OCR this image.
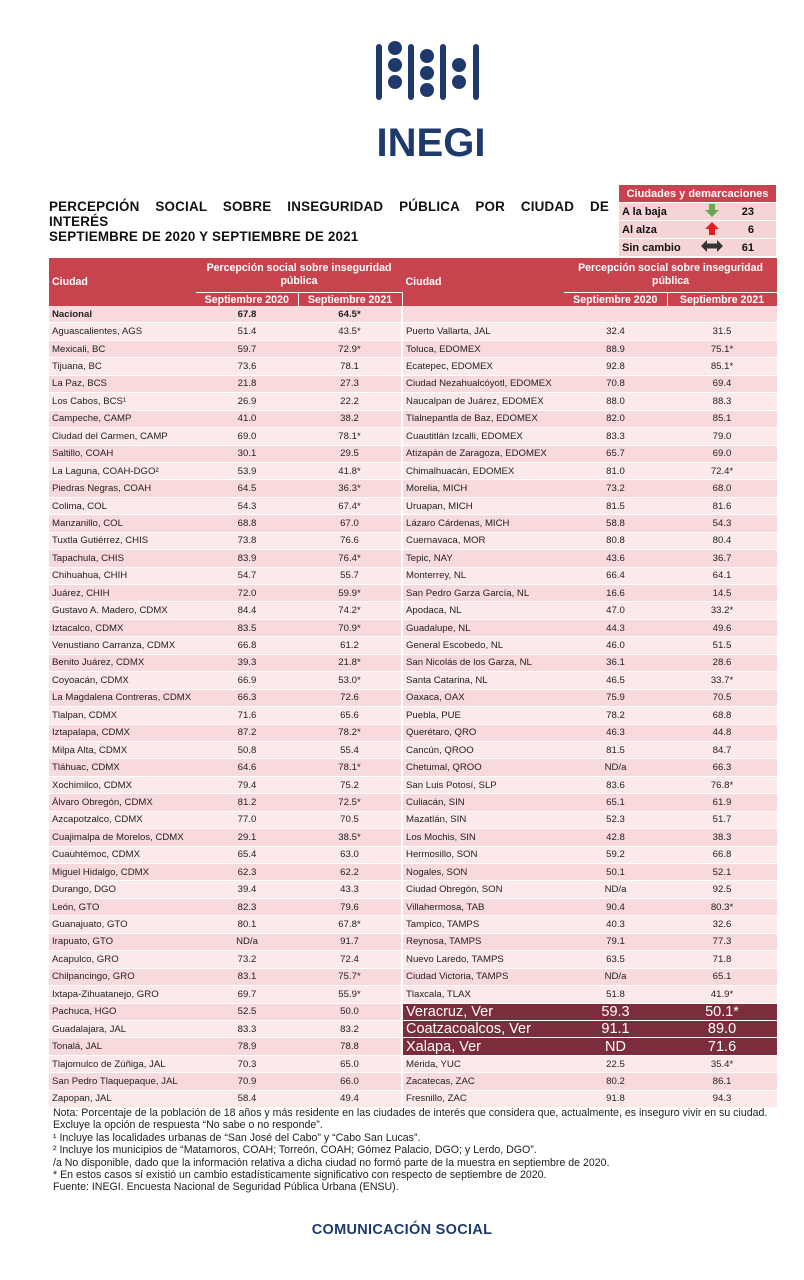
INEGI
PERCEPCIÓN SOCIAL SOBRE INSEGURIDAD PÚBLICA POR CIUDAD DE
INTERÉS
SEPTIEMBRE DE 2020 Y SEPTIEMBRE DE 2021
Ciudades y demarcaciones		
A la baja		23
Al alza		6
Sin cambio		61
Ciudad	Percepción social sobre inseguridad pública		Ciudad	Percepción social sobre inseguridad pública	
	Septiembre 2020	Septiembre 2021		Septiembre 2020	Septiembre 2021
Nacional	67.8	64.5*			
Aguascalientes, AGS	51.4	43.5*	Puerto Vallarta, JAL	32.4	31.5
Mexicali, BC	59.7	72.9*	Toluca, EDOMEX	88.9	75.1*
Tijuana, BC	73.6	78.1	Ecatepec, EDOMEX	92.8	85.1*
La Paz, BCS	21.8	27.3	Ciudad Nezahualcóyotl, EDOMEX	70.8	69.4
Los Cabos, BCS¹	26.9	22.2	Naucalpan de Juárez, EDOMEX	88.0	88.3
Campeche, CAMP	41.0	38.2	Tlalnepantla de Baz, EDOMEX	82.0	85.1
Ciudad del Carmen, CAMP	69.0	78.1*	Cuautitlán Izcalli, EDOMEX	83.3	79.0
Saltillo, COAH	30.1	29.5	Atizapán de Zaragoza, EDOMEX	65.7	69.0
La Laguna, COAH-DGO²	53.9	41.8*	Chimalhuacán, EDOMEX	81.0	72.4*
Piedras Negras, COAH	64.5	36.3*	Morelia, MICH	73.2	68.0
Colima, COL	54.3	67.4*	Uruapan, MICH	81.5	81.6
Manzanillo, COL	68.8	67.0	Lázaro Cárdenas, MICH	58.8	54.3
Tuxtla Gutiérrez, CHIS	73.8	76.6	Cuernavaca, MOR	80.8	80.4
Tapachula, CHIS	83.9	76.4*	Tepic, NAY	43.6	36.7
Chihuahua, CHIH	54.7	55.7	Monterrey, NL	66.4	64.1
Juárez, CHIH	72.0	59.9*	San Pedro Garza García, NL	16.6	14.5
Gustavo A. Madero, CDMX	84.4	74.2*	Apodaca, NL	47.0	33.2*
Iztacalco, CDMX	83.5	70.9*	Guadalupe, NL	44.3	49.6
Venustiano Carranza, CDMX	66.8	61.2	General Escobedo, NL	46.0	51.5
Benito Juárez, CDMX	39.3	21.8*	San Nicolás de los Garza, NL	36.1	28.6
Coyoacán, CDMX	66.9	53.0*	Santa Catarina, NL	46.5	33.7*
La Magdalena Contreras, CDMX	66.3	72.6	Oaxaca, OAX	75.9	70.5
Tlalpan, CDMX	71.6	65.6	Puebla, PUE	78.2	68.8
Iztapalapa, CDMX	87.2	78.2*	Querétaro, QRO	46.3	44.8
Milpa Alta, CDMX	50.8	55.4	Cancún, QROO	81.5	84.7
Tláhuac, CDMX	64.6	78.1*	Chetumal, QROO	ND/a	66.3
Xochimilco, CDMX	79.4	75.2	San Luis Potosí, SLP	83.6	76.8*
Álvaro Obregón, CDMX	81.2	72.5*	Culiacán, SIN	65.1	61.9
Azcapotzalco, CDMX	77.0	70.5	Mazatlán, SIN	52.3	51.7
Cuajimalpa de Morelos, CDMX	29.1	38.5*	Los Mochis, SIN	42.8	38.3
Cuauhtémoc, CDMX	65.4	63.0	Hermosillo, SON	59.2	66.8
Miguel Hidalgo, CDMX	62.3	62.2	Nogales, SON	50.1	52.1
Durango, DGO	39.4	43.3	Ciudad Obregón, SON	ND/a	92.5
León, GTO	82.3	79.6	Villahermosa, TAB	90.4	80.3*
Guanajuato, GTO	80.1	67.8*	Tampico, TAMPS	40.3	32.6
Irapuato, GTO	ND/a	91.7	Reynosa, TAMPS	79.1	77.3
Acapulco, GRO	73.2	72.4	Nuevo Laredo, TAMPS	63.5	71.8
Chilpancingo, GRO	83.1	75.7*	Ciudad Victoria, TAMPS	ND/a	65.1
Ixtapa-Zihuatanejo, GRO	69.7	55.9*	Tlaxcala, TLAX	51.8	41.9*
Pachuca, HGO	52.5	50.0	Veracruz, Ver	59.3	50.1*
Guadalajara, JAL	83.3	83.2	Coatzacoalcos, Ver	91.1	89.0
Tonalá, JAL	78.9	78.8	Xalapa, Ver	ND	71.6
Tlajomulco de Zúñiga, JAL	70.3	65.0	Mérida, YUC	22.5	35.4*
San Pedro Tlaquepaque, JAL	70.9	66.0	Zacatecas, ZAC	80.2	86.1
Zapopan, JAL	58.4	49.4	Fresnillo, ZAC	91.8	94.3

Nota: Porcentaje de la población de 18 años y más residente en las ciudades de interés que considera que, actualmente, es inseguro vivir en su ciudad. Excluye la opción de respuesta “No sabe o no responde”.

¹ Incluye las localidades urbanas de “San José del Cabo” y “Cabo San Lucas”.

² Incluye los municipios de “Matamoros, COAH; Torreón, COAH; Gómez Palacio, DGO; y Lerdo, DGO”.

/a No disponible, dado que la información relativa a dicha ciudad no formó parte de la muestra en septiembre de 2020.

* En estos casos sí existió un cambio estadísticamente significativo con respecto de septiembre de 2020.

Fuente: INEGI. Encuesta Nacional de Seguridad Pública Urbana (ENSU).

COMUNICACIÓN SOCIAL
